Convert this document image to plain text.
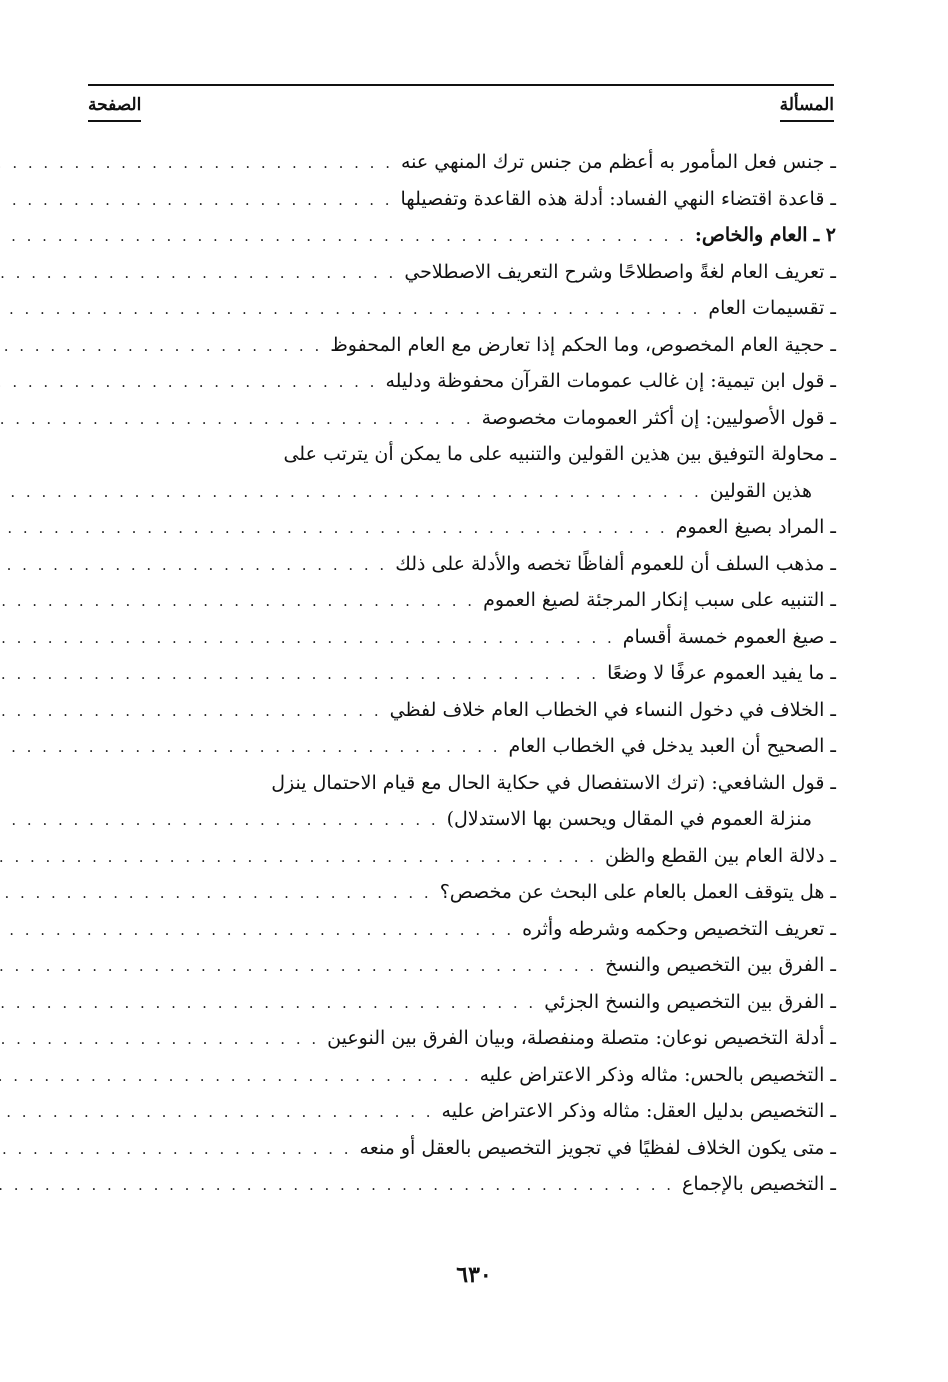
المسألة
الصفحة
ـ
جنس فعل المأمور به أعظم من جنس ترك المنهي عنه
. . .
ـ
قاعدة اقتضاء النهي الفساد: أدلة هذه القاعدة وتفصيلها
. . .
٢ ـ
العام والخاص:
. . .
ـ
تعريف العام لغةً واصطلاحًا وشرح التعريف الاصطلاحي
. . .
ـ
تقسيمات العام
. . .
ـ
حجية العام المخصوص، وما الحكم إذا تعارض مع العام المحفوظ
. . .
ـ
قول ابن تيمية: إن غالب عمومات القرآن محفوظة ودليله
. . .
ـ
قول الأصوليين: إن أكثر العمومات مخصوصة
. . .
ـ
محاولة التوفيق بين هذين القولين والتنبيه على ما يمكن أن يترتب على
هذين القولين
. . .
ـ
المراد بصيغ العموم
. . .
ـ
مذهب السلف أن للعموم ألفاظًا تخصه والأدلة على ذلك
. . .
ـ
التنبيه على سبب إنكار المرجئة لصيغ العموم
. . .
ـ
صيغ العموم خمسة أقسام
. . .
ـ
ما يفيد العموم عرفًا لا وضعًا
. . .
ـ
الخلاف في دخول النساء في الخطاب العام خلاف لفظي
. . .
ـ
الصحيح أن العبد يدخل في الخطاب العام
. . .
ـ
قول الشافعي: (ترك الاستفصال في حكاية الحال مع قيام الاحتمال ينزل
منزلة العموم في المقال ويحسن بها الاستدلال)
. . .
ـ
دلالة العام بين القطع والظن
. . .
ـ
هل يتوقف العمل بالعام على البحث عن مخصص؟
. . .
ـ
تعريف التخصيص وحكمه وشرطه وأثره
. . .
ـ
الفرق بين التخصيص والنسخ
. . .
ـ
الفرق بين التخصيص والنسخ الجزئي
. . .
ـ
أدلة التخصيص نوعان: متصلة ومنفصلة، وبيان الفرق بين النوعين
. . .
ـ
التخصيص بالحس: مثاله وذكر الاعتراض عليه
. . .
ـ
التخصيص بدليل العقل: مثاله وذكر الاعتراض عليه
. . .
ـ
متى يكون الخلاف لفظيًا في تجويز التخصيص بالعقل أو منعه
. . .
ـ
التخصيص بالإجماع
. . .
٦٣٠
